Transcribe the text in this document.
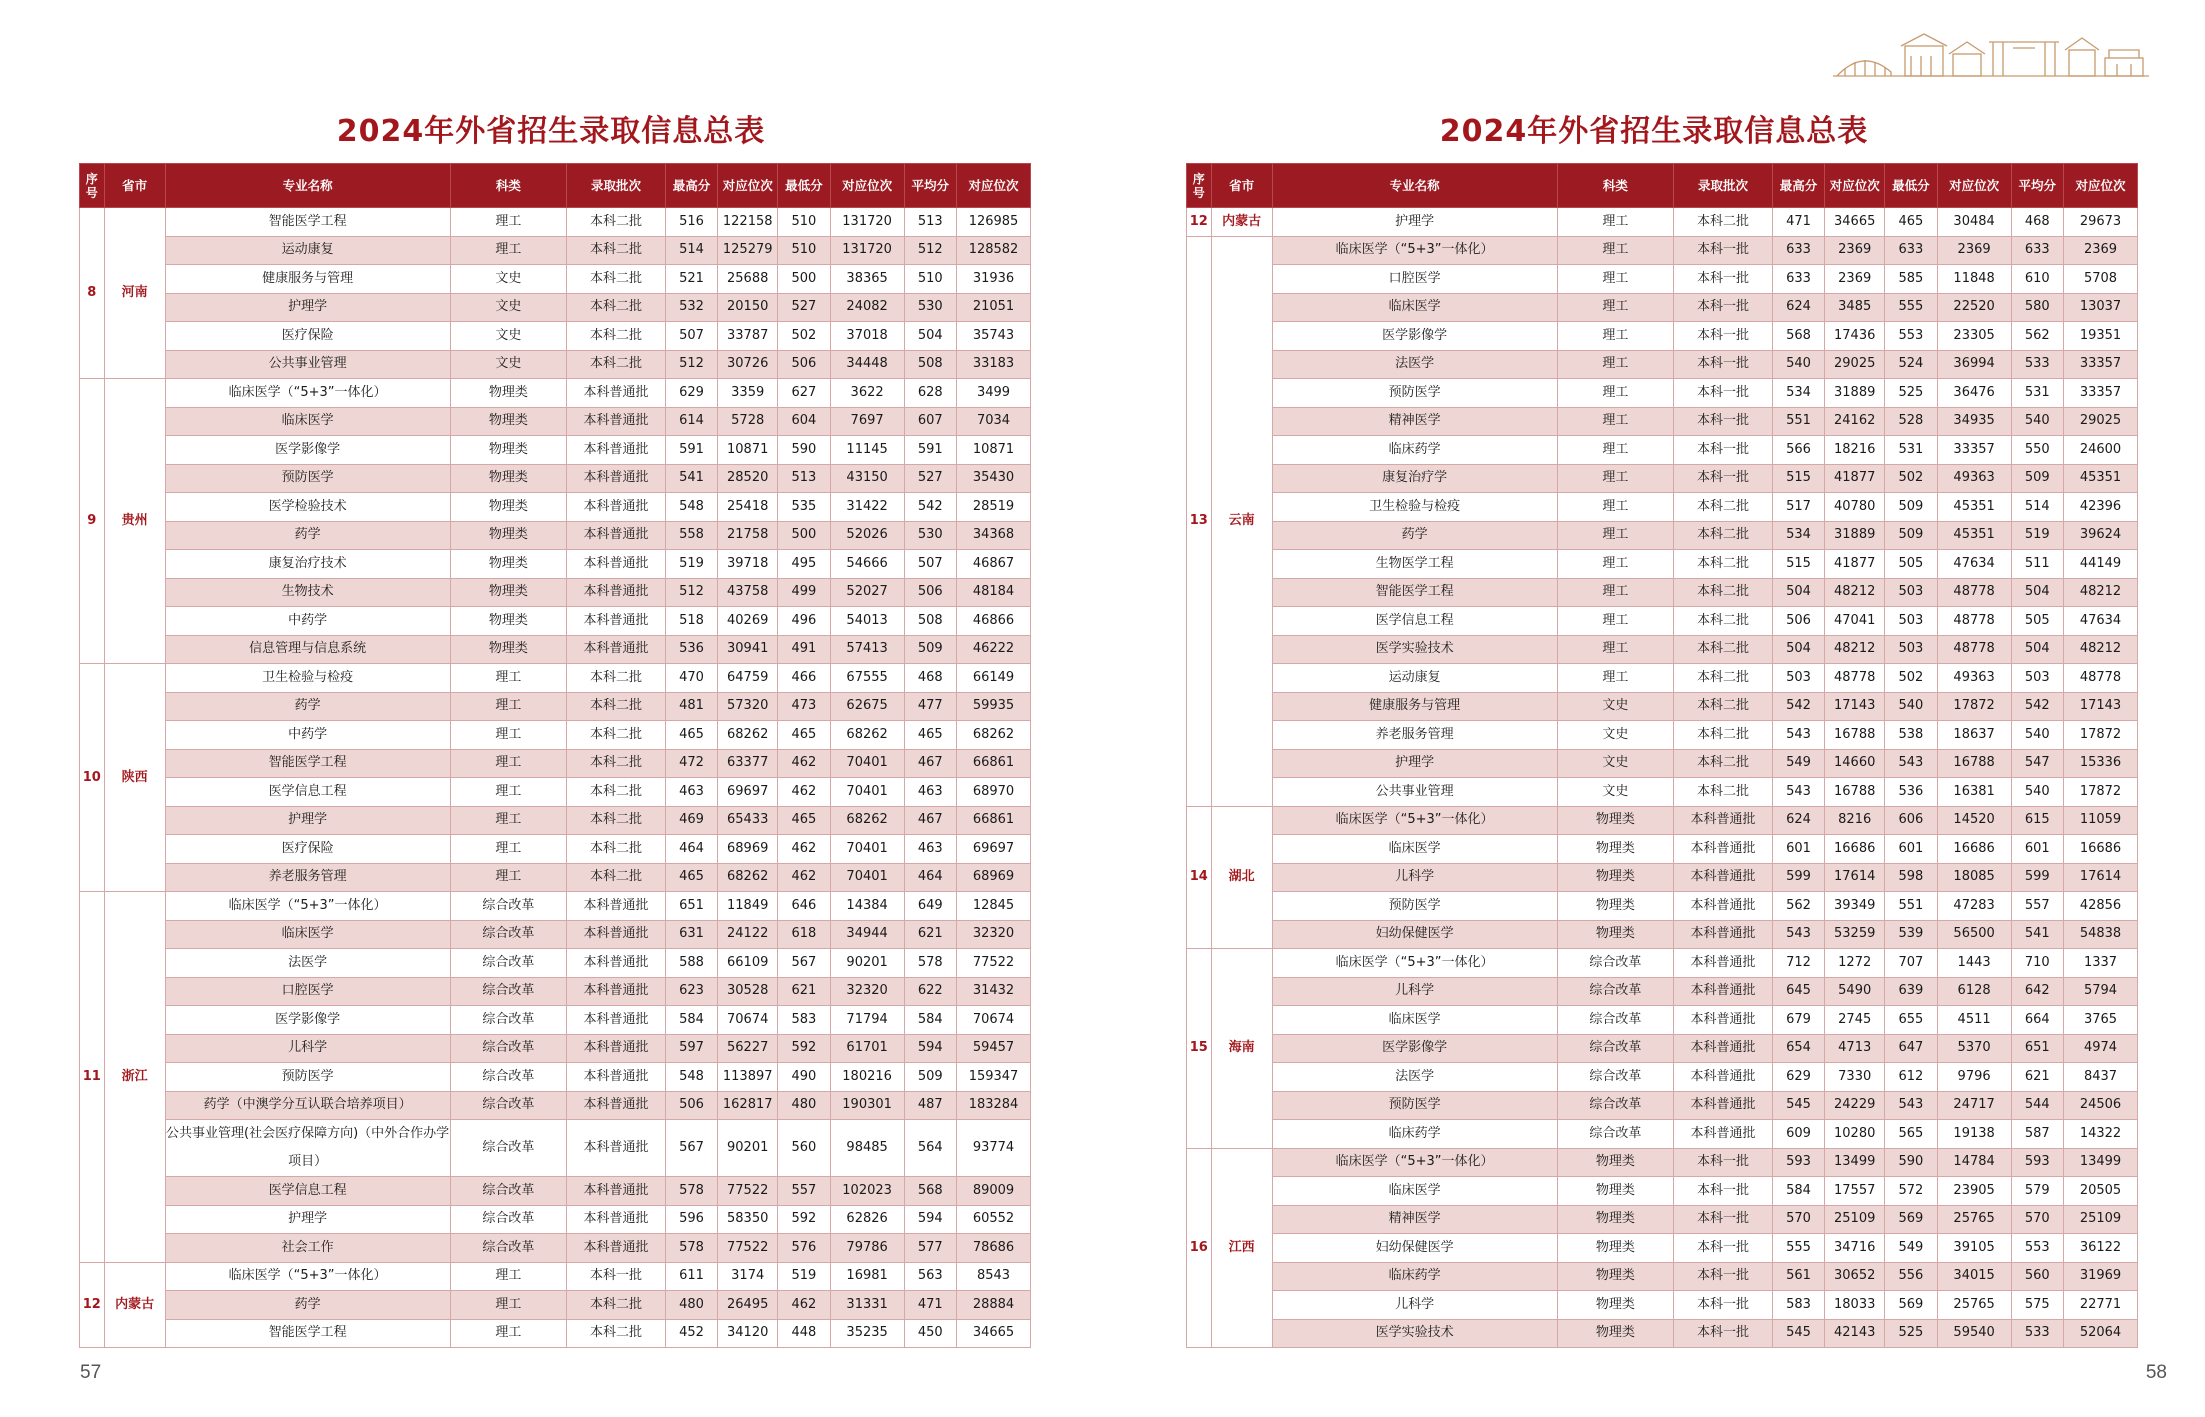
2024年外省招生录取信息总表
序号	省市	专业名称	科类	录取批次	最高分	对应位次	最低分	对应位次	平均分	对应位次
8	河南	智能医学工程	理工	本科二批	516	122158	510	131720	513	126985
		运动康复	理工	本科二批	514	125279	510	131720	512	128582
		健康服务与管理	文史	本科二批	521	25688	500	38365	510	31936
		护理学	文史	本科二批	532	20150	527	24082	530	21051
		医疗保险	文史	本科二批	507	33787	502	37018	504	35743
		公共事业管理	文史	本科二批	512	30726	506	34448	508	33183
9	贵州	临床医学（“5+3”一体化）	物理类	本科普通批	629	3359	627	3622	628	3499
		临床医学	物理类	本科普通批	614	5728	604	7697	607	7034
		医学影像学	物理类	本科普通批	591	10871	590	11145	591	10871
		预防医学	物理类	本科普通批	541	28520	513	43150	527	35430
		医学检验技术	物理类	本科普通批	548	25418	535	31422	542	28519
		药学	物理类	本科普通批	558	21758	500	52026	530	34368
		康复治疗技术	物理类	本科普通批	519	39718	495	54666	507	46867
		生物技术	物理类	本科普通批	512	43758	499	52027	506	48184
		中药学	物理类	本科普通批	518	40269	496	54013	508	46866
		信息管理与信息系统	物理类	本科普通批	536	30941	491	57413	509	46222
10	陕西	卫生检验与检疫	理工	本科二批	470	64759	466	67555	468	66149
		药学	理工	本科二批	481	57320	473	62675	477	59935
		中药学	理工	本科二批	465	68262	465	68262	465	68262
		智能医学工程	理工	本科二批	472	63377	462	70401	467	66861
		医学信息工程	理工	本科二批	463	69697	462	70401	463	68970
		护理学	理工	本科二批	469	65433	465	68262	467	66861
		医疗保险	理工	本科二批	464	68969	462	70401	463	69697
		养老服务管理	理工	本科二批	465	68262	462	70401	464	68969
11	浙江	临床医学（“5+3”一体化）	综合改革	本科普通批	651	11849	646	14384	649	12845
		临床医学	综合改革	本科普通批	631	24122	618	34944	621	32320
		法医学	综合改革	本科普通批	588	66109	567	90201	578	77522
		口腔医学	综合改革	本科普通批	623	30528	621	32320	622	31432
		医学影像学	综合改革	本科普通批	584	70674	583	71794	584	70674
		儿科学	综合改革	本科普通批	597	56227	592	61701	594	59457
		预防医学	综合改革	本科普通批	548	113897	490	180216	509	159347
		药学（中澳学分互认联合培养项目）	综合改革	本科普通批	506	162817	480	190301	487	183284
		公共事业管理(社会医疗保障方向)（中外合作办学项目）	综合改革	本科普通批	567	90201	560	98485	564	93774
		医学信息工程	综合改革	本科普通批	578	77522	557	102023	568	89009
		护理学	综合改革	本科普通批	596	58350	592	62826	594	60552
		社会工作	综合改革	本科普通批	578	77522	576	79786	577	78686
12	内蒙古	临床医学（“5+3”一体化）	理工	本科一批	611	3174	519	16981	563	8543
		药学	理工	本科二批	480	26495	462	31331	471	28884
		智能医学工程	理工	本科二批	452	34120	448	35235	450	34665
57
2024年外省招生录取信息总表
序号	省市	专业名称	科类	录取批次	最高分	对应位次	最低分	对应位次	平均分	对应位次
12	内蒙古	护理学	理工	本科二批	471	34665	465	30484	468	29673
13	云南	临床医学（“5+3”一体化）	理工	本科一批	633	2369	633	2369	633	2369
		口腔医学	理工	本科一批	633	2369	585	11848	610	5708
		临床医学	理工	本科一批	624	3485	555	22520	580	13037
		医学影像学	理工	本科一批	568	17436	553	23305	562	19351
		法医学	理工	本科一批	540	29025	524	36994	533	33357
		预防医学	理工	本科一批	534	31889	525	36476	531	33357
		精神医学	理工	本科一批	551	24162	528	34935	540	29025
		临床药学	理工	本科一批	566	18216	531	33357	550	24600
		康复治疗学	理工	本科一批	515	41877	502	49363	509	45351
		卫生检验与检疫	理工	本科二批	517	40780	509	45351	514	42396
		药学	理工	本科二批	534	31889	509	45351	519	39624
		生物医学工程	理工	本科二批	515	41877	505	47634	511	44149
		智能医学工程	理工	本科二批	504	48212	503	48778	504	48212
		医学信息工程	理工	本科二批	506	47041	503	48778	505	47634
		医学实验技术	理工	本科二批	504	48212	503	48778	504	48212
		运动康复	理工	本科二批	503	48778	502	49363	503	48778
		健康服务与管理	文史	本科二批	542	17143	540	17872	542	17143
		养老服务管理	文史	本科二批	543	16788	538	18637	540	17872
		护理学	文史	本科二批	549	14660	543	16788	547	15336
		公共事业管理	文史	本科二批	543	16788	536	16381	540	17872
14	湖北	临床医学（“5+3”一体化）	物理类	本科普通批	624	8216	606	14520	615	11059
		临床医学	物理类	本科普通批	601	16686	601	16686	601	16686
		儿科学	物理类	本科普通批	599	17614	598	18085	599	17614
		预防医学	物理类	本科普通批	562	39349	551	47283	557	42856
		妇幼保健医学	物理类	本科普通批	543	53259	539	56500	541	54838
15	海南	临床医学（“5+3”一体化）	综合改革	本科普通批	712	1272	707	1443	710	1337
		儿科学	综合改革	本科普通批	645	5490	639	6128	642	5794
		临床医学	综合改革	本科普通批	679	2745	655	4511	664	3765
		医学影像学	综合改革	本科普通批	654	4713	647	5370	651	4974
		法医学	综合改革	本科普通批	629	7330	612	9796	621	8437
		预防医学	综合改革	本科普通批	545	24229	543	24717	544	24506
		临床药学	综合改革	本科普通批	609	10280	565	19138	587	14322
16	江西	临床医学（“5+3”一体化）	物理类	本科一批	593	13499	590	14784	593	13499
		临床医学	物理类	本科一批	584	17557	572	23905	579	20505
		精神医学	物理类	本科一批	570	25109	569	25765	570	25109
		妇幼保健医学	物理类	本科一批	555	34716	549	39105	553	36122
		临床药学	物理类	本科一批	561	30652	556	34015	560	31969
		儿科学	物理类	本科一批	583	18033	569	25765	575	22771
		医学实验技术	物理类	本科一批	545	42143	525	59540	533	52064
58
